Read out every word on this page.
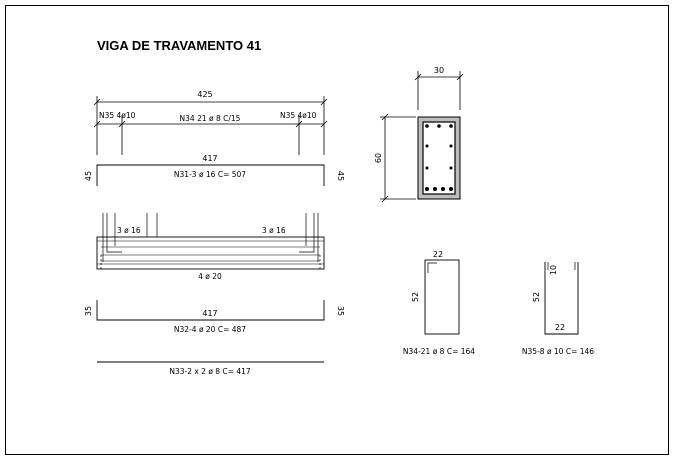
VIGA DE TRAVAMENTO 41
425
N35 4ø10	N34 21 ø 8 C/15	N35 4ø10
417
N31-3 ø 16 C= 507
45	45
3 ø 16	3 ø 16
4 ø 20
417
N32-4 ø 20 C= 487
35	35
N33-2 x 2 ø 8 C= 417
30
60
22
52
N34-21 ø 8 C= 164
10
52
22
N35-8 ø 10 C= 146
